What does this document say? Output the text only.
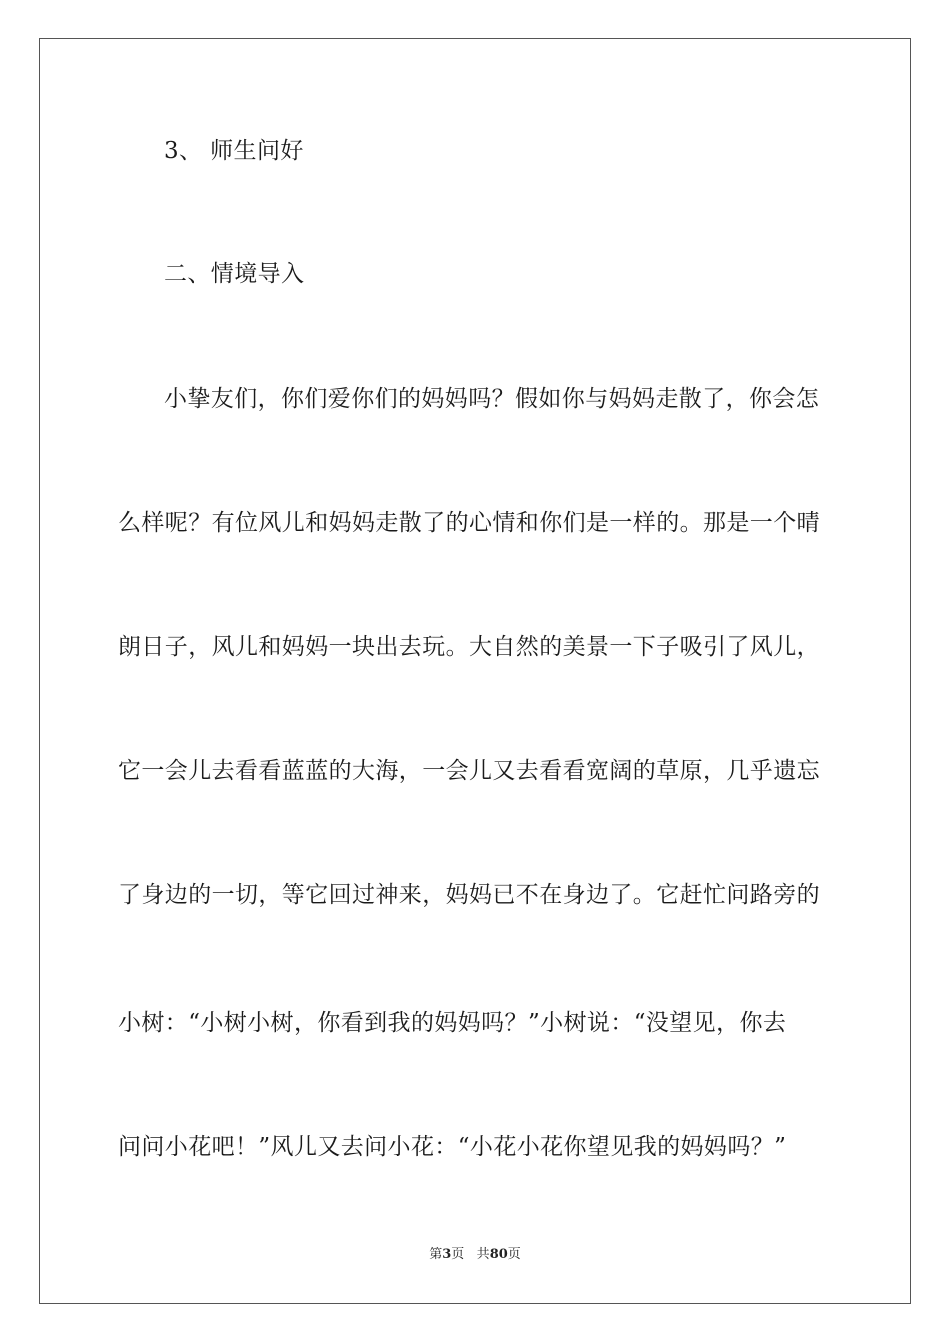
3、 师生问好
二、情境导入
小挚友们，你们爱你们的妈妈吗？假如你与妈妈走散了，你会怎
么样呢？有位风儿和妈妈走散了的心情和你们是一样的。那是一个晴
朗日子，风儿和妈妈一块出去玩。大自然的美景一下子吸引了风儿，
它一会儿去看看蓝蓝的大海，一会儿又去看看宽阔的草原，几乎遗忘
了身边的一切，等它回过神来，妈妈已不在身边了。它赶忙问路旁的
小树：“小树小树，你看到我的妈妈吗？”小树说：“没望见，你去
问问小花吧！”风儿又去问小花：“小花小花你望见我的妈妈吗？”
第3页 共80页
